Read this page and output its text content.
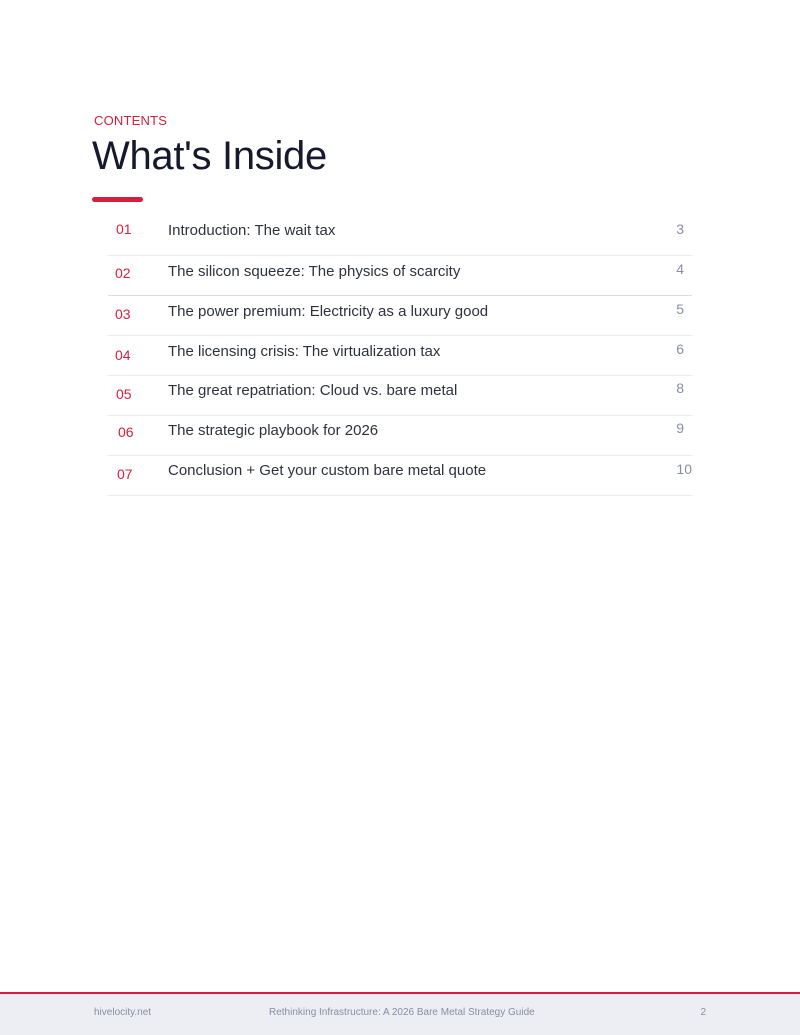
CONTENTS
What's Inside
01 Introduction: The wait tax	3
02 The silicon squeeze: The physics of scarcity	4
03 The power premium: Electricity as a luxury good	5
04 The licensing crisis: The virtualization tax	6
05 The great repatriation: Cloud vs. bare metal	8
06 The strategic playbook for 2026	9
07 Conclusion + Get your custom bare metal quote	10
hivelocity.net	Rethinking Infrastructure: A 2026 Bare Metal Strategy Guide	2
